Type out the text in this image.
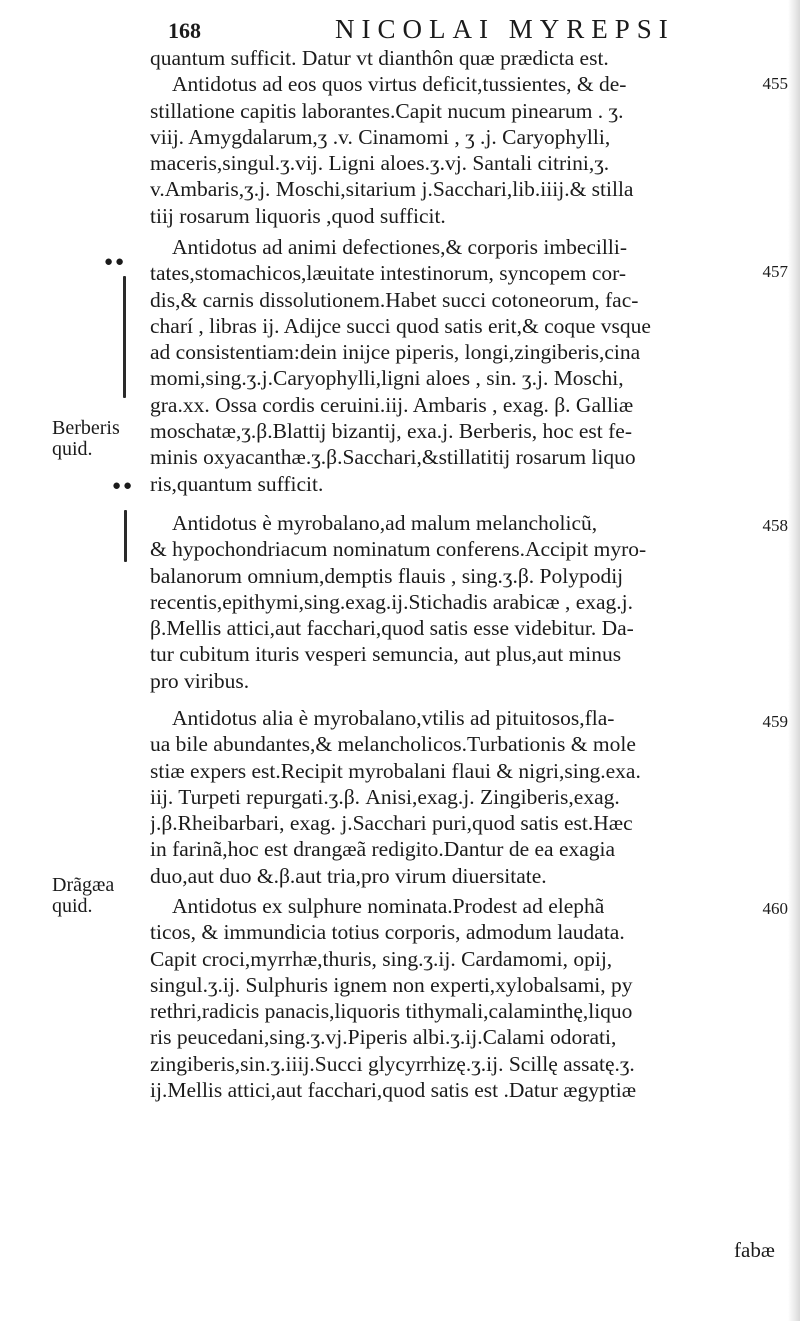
168	NICOLAI MYREPSI
quantum sufficit. Datur vt dianthôn quæ prædicta est.
Antidotus ad eos quos virtus deficit,tussientes, & de-
stillatione capitis laborantes.Capit nucum pinearum . ʒ.
viij. Amygdalarum,ʒ .v. Cinamomi , ʒ .j. Caryophylli,
maceris,singul.ʒ.vij. Ligni aloes.ʒ.vj. Santali citrini,ʒ.
v.Ambaris,ʒ.j. Moschi,sitarium j.Sacchari,lib.iiij.& stilla
tiij rosarum liquoris ,quod sufficit.
455
Antidotus ad animi defectiones,& corporis imbecilli-
tates,stomachicos,læuitate intestinorum, syncopem cor-
dis,& carnis dissolutionem.Habet succi cotoneorum, fac-
charí , libras ij. Adijce succi quod satis erit,& coque vsque
ad consistentiam:dein inijce piperis, longi,zingiberis,cina
momi,sing.ʒ.j.Caryophylli,ligni aloes , sin. ʒ.j. Moschi,
gra.xx. Ossa cordis ceruini.iij. Ambaris , exag. β. Galliæ
moschatæ,ʒ.β.Blattij bizantij, exa.j. Berberis, hoc est fe-
minis oxyacanthæ.ʒ.β.Sacchari,&stillatitij rosarum liquo
ris,quantum sufficit.
457
Antidotus è myrobalano,ad malum melancholicũ,
& hypochondriacum nominatum conferens.Accipit myro-
balanorum omnium,demptis flauis , sing.ʒ.β. Polypodij
recentis,epithymi,sing.exag.ij.Stichadis arabicæ , exag.j.
β.Mellis attici,aut facchari,quod satis esse videbitur. Da-
tur cubitum ituris vesperi semuncia, aut plus,aut minus
pro viribus.
458
Antidotus alia è myrobalano,vtilis ad pituitosos,fla-
ua bile abundantes,& melancholicos.Turbationis & mole
stiæ expers est.Recipit myrobalani flaui & nigri,sing.exa.
iij. Turpeti repurgati.ʒ.β. Anisi,exag.j. Zingiberis,exag.
j.β.Rheibarbari, exag. j.Sacchari puri,quod satis est.Hæc
in farinã,hoc est drangæã redigito.Dantur de ea exagia
duo,aut duo &.β.aut tria,pro virum diuersitate.
459
Antidotus ex sulphure nominata.Prodest ad elephã
ticos, & immundicia totius corporis, admodum laudata.
Capit croci,myrrhæ,thuris, sing.ʒ.ij. Cardamomi, opij,
singul.ʒ.ij. Sulphuris ignem non experti,xylobalsami, py
rethri,radicis panacis,liquoris tithymali,calaminthę,liquo
ris peucedani,sing.ʒ.vj.Piperis albi.ʒ.ij.Calami odorati,
zingiberis,sin.ʒ.iiij.Succi glycyrrhizę.ʒ.ij. Scillę assatę.ʒ.
ij.Mellis attici,aut facchari,quod satis est .Datur ægyptiæ
460
Berberis
quid.
Drãgæa
quid.
●●
●●
fabæ
